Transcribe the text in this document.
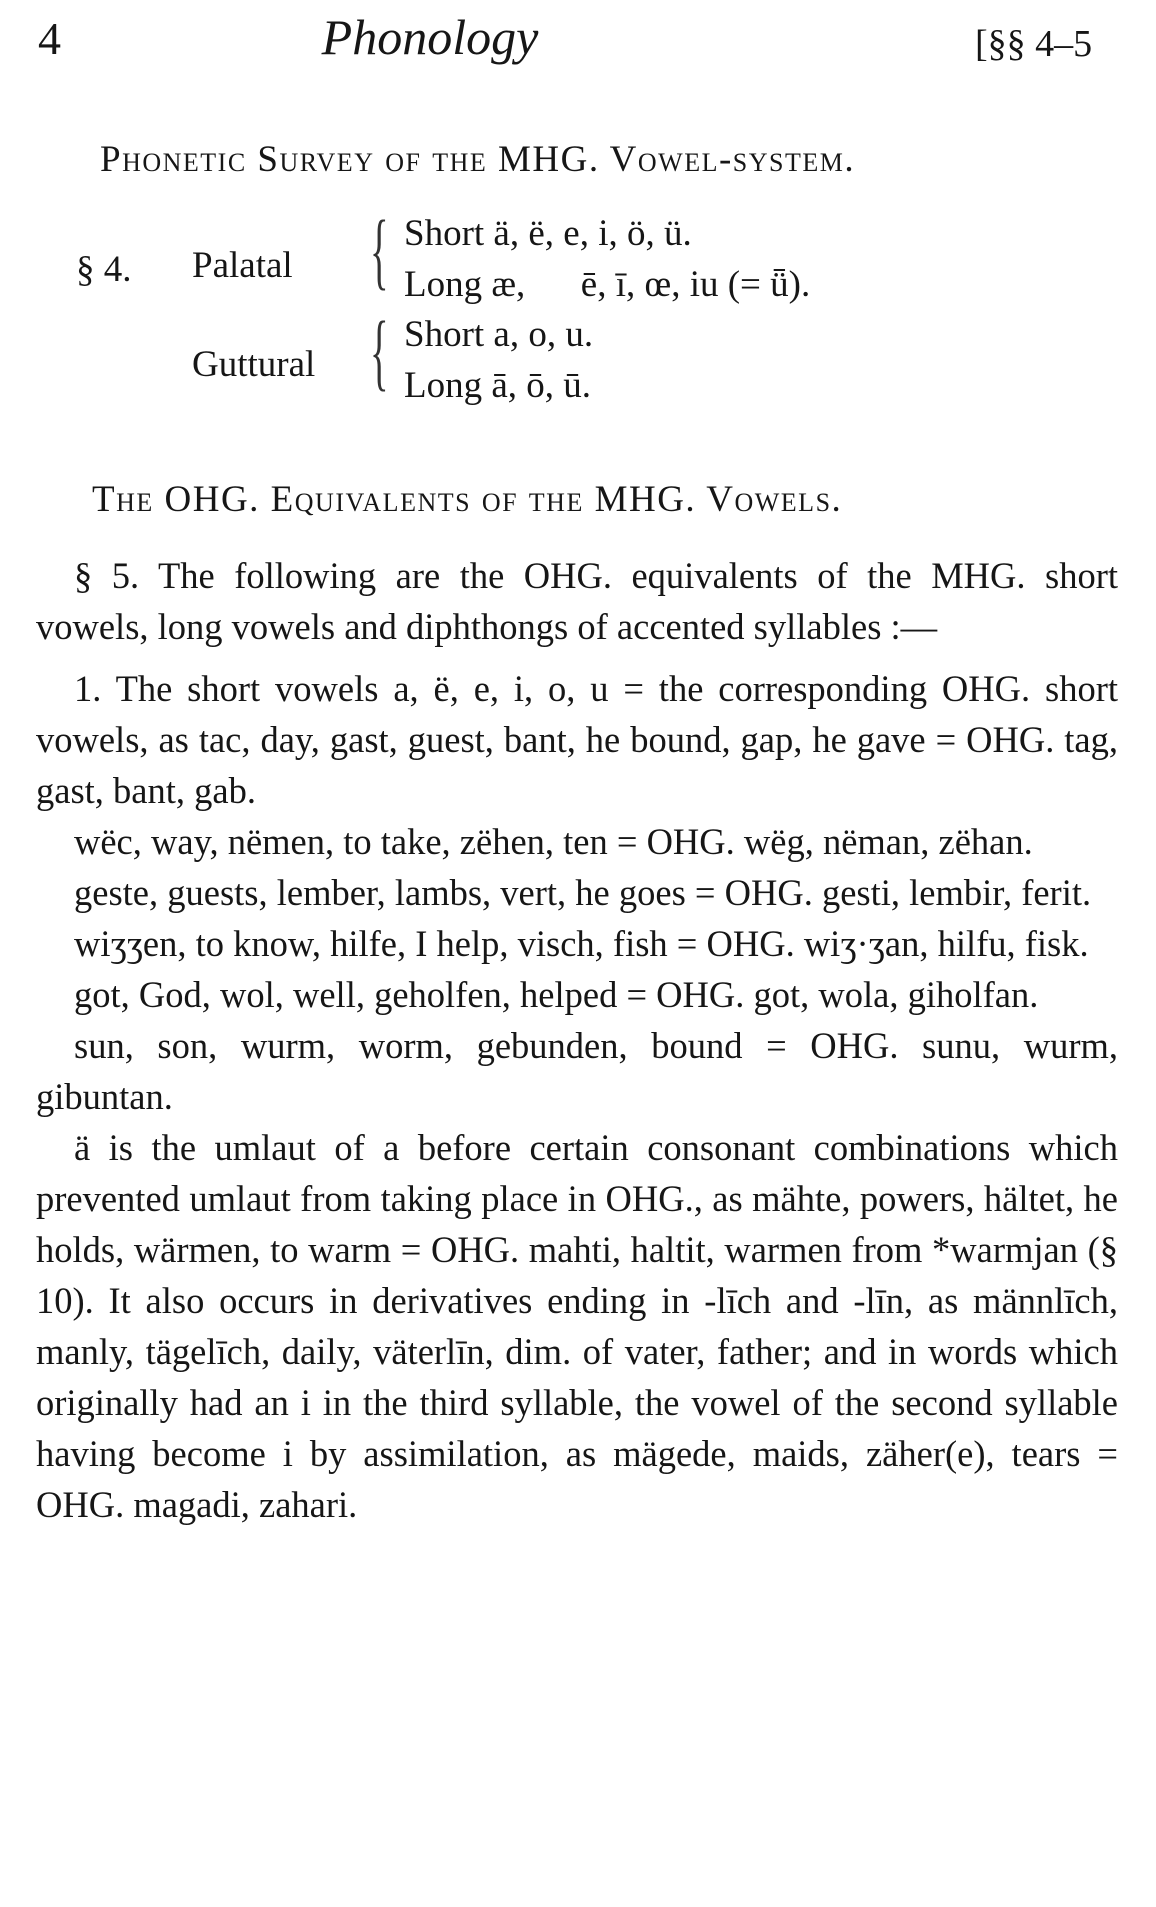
4	Phonology	[§§ 4–5
Phonetic Survey of the MHG. Vowel-system.
§ 4. Palatal { Short ä, ë, e, i, ö, ü.
Long æ,      ē, ī, œ, iu (= ǖ).
Guttural { Short a, o, u.
Long ā, ō, ū.
The OHG. Equivalents of the MHG. Vowels.

§ 5. The following are the OHG. equivalents of the MHG. short vowels, long vowels and diphthongs of accented syllables :—

1. The short vowels a, ë, e, i, o, u = the corresponding OHG. short vowels, as tac, day, gast, guest, bant, he bound, gap, he gave = OHG. tag, gast, bant, gab.

wëc, way, nëmen, to take, zëhen, ten = OHG. wëg, nëman, zëhan.

geste, guests, lember, lambs, vert, he goes = OHG. gesti, lembir, ferit.

wiʒʒen, to know, hilfe, I help, visch, fish = OHG. wiʒ·ʒan, hilfu, fisk.

got, God, wol, well, geholfen, helped = OHG. got, wola, giholfan.

sun, son, wurm, worm, gebunden, bound = OHG. sunu, wurm, gibuntan.

ä is the umlaut of a before certain consonant combinations which prevented umlaut from taking place in OHG., as mähte, powers, hältet, he holds, wärmen, to warm = OHG. mahti, haltit, warmen from *warmjan (§ 10). It also occurs in derivatives ending in -līch and -līn, as männlīch, manly, tägelīch, daily, väterlīn, dim. of vater, father; and in words which originally had an i in the third syllable, the vowel of the second syllable having become i by assimilation, as mägede, maids, zäher(e), tears = OHG. magadi, zahari.
